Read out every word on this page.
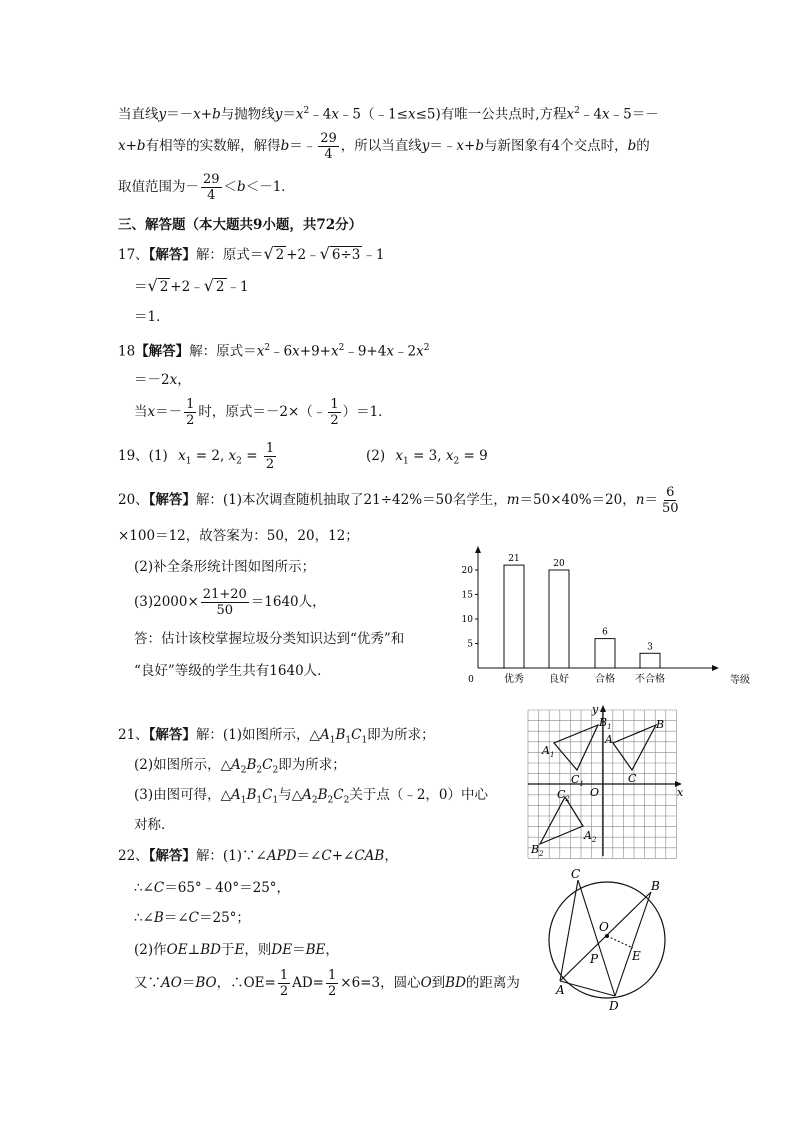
当直线y＝－x+b与抛物线$y=x^2﹣4x﹣5(﹣1\le x\le 5)$有唯一公共点时,方程$x^2﹣4x﹣5=-$
x+b有相等的实数解，解得b＝﹣ $\frac{29}{4}$ ，所以当直线y＝﹣x+b与新图象有4个交点时，b的
取值范围为－ $\frac{29}{4} <b<-1$．
三、解答题（本大题共9小题，共72分）
17、【解答】解：原式＝√ 2 +2﹣√ 6÷3 ﹣1
＝√ 2 +2﹣√ 2 ﹣1
＝1．
18【解答】解：原式$=x^2﹣6x+9+x^2﹣9+4x﹣2x^2$
＝－2x，
当$x=- \frac{1}{2}$ 时，原式＝－2×（﹣ $\frac{1}{2} )=1$．
19、(1) $x_1 = 2$, $x_2 = \frac{1}{2}$	(2) $x_1 = 3$, $x_2 = 9$
20、【解答】解：(1)本次调查随机抽取了21÷42%＝50名学生，m＝50×40%＝20，$n= \frac{6}{50}$
×100＝12，故答案为：50，20，12；
(2)补全条形统计图如图所示；
$(3)2000\times \frac{21+20}{50} =1640$人，
答：估计该校掌握垃圾分类知识达到“优秀”和
“良好”等级的学生共有1640人．
0	等级
5
10
15
20
21
优秀
20
良好
6
合格
3
不合格
21、【解答】解：(1)如图所示，$\triangle A_1B_1C_1$即为所求；
(2)如图所示，$\triangle A_2B_2C_2$即为所求；
(3)由图可得，$\triangle A_1B_1C_1$与$\triangle A_2B_2C_2$关于点（﹣2，0）中心
对称．
y
x
O
B
A
C
$B_1$
$A_1$
$C_1$
$C_2$
$A_2$
$B_2$
22、【解答】解：(1)∵∠APD＝∠C+∠CAB，
∴∠C＝65°﹣40°＝25°，
∴∠B＝∠C＝25°；
(2)作OE⊥BD于E，则DE＝BE，
又∵AO＝BO，∴OE= $\frac{1}{2} AD= \frac{1}{2} \times 6=3$，圆心O到BD的距离为
C
B
O
E
P
A
D
